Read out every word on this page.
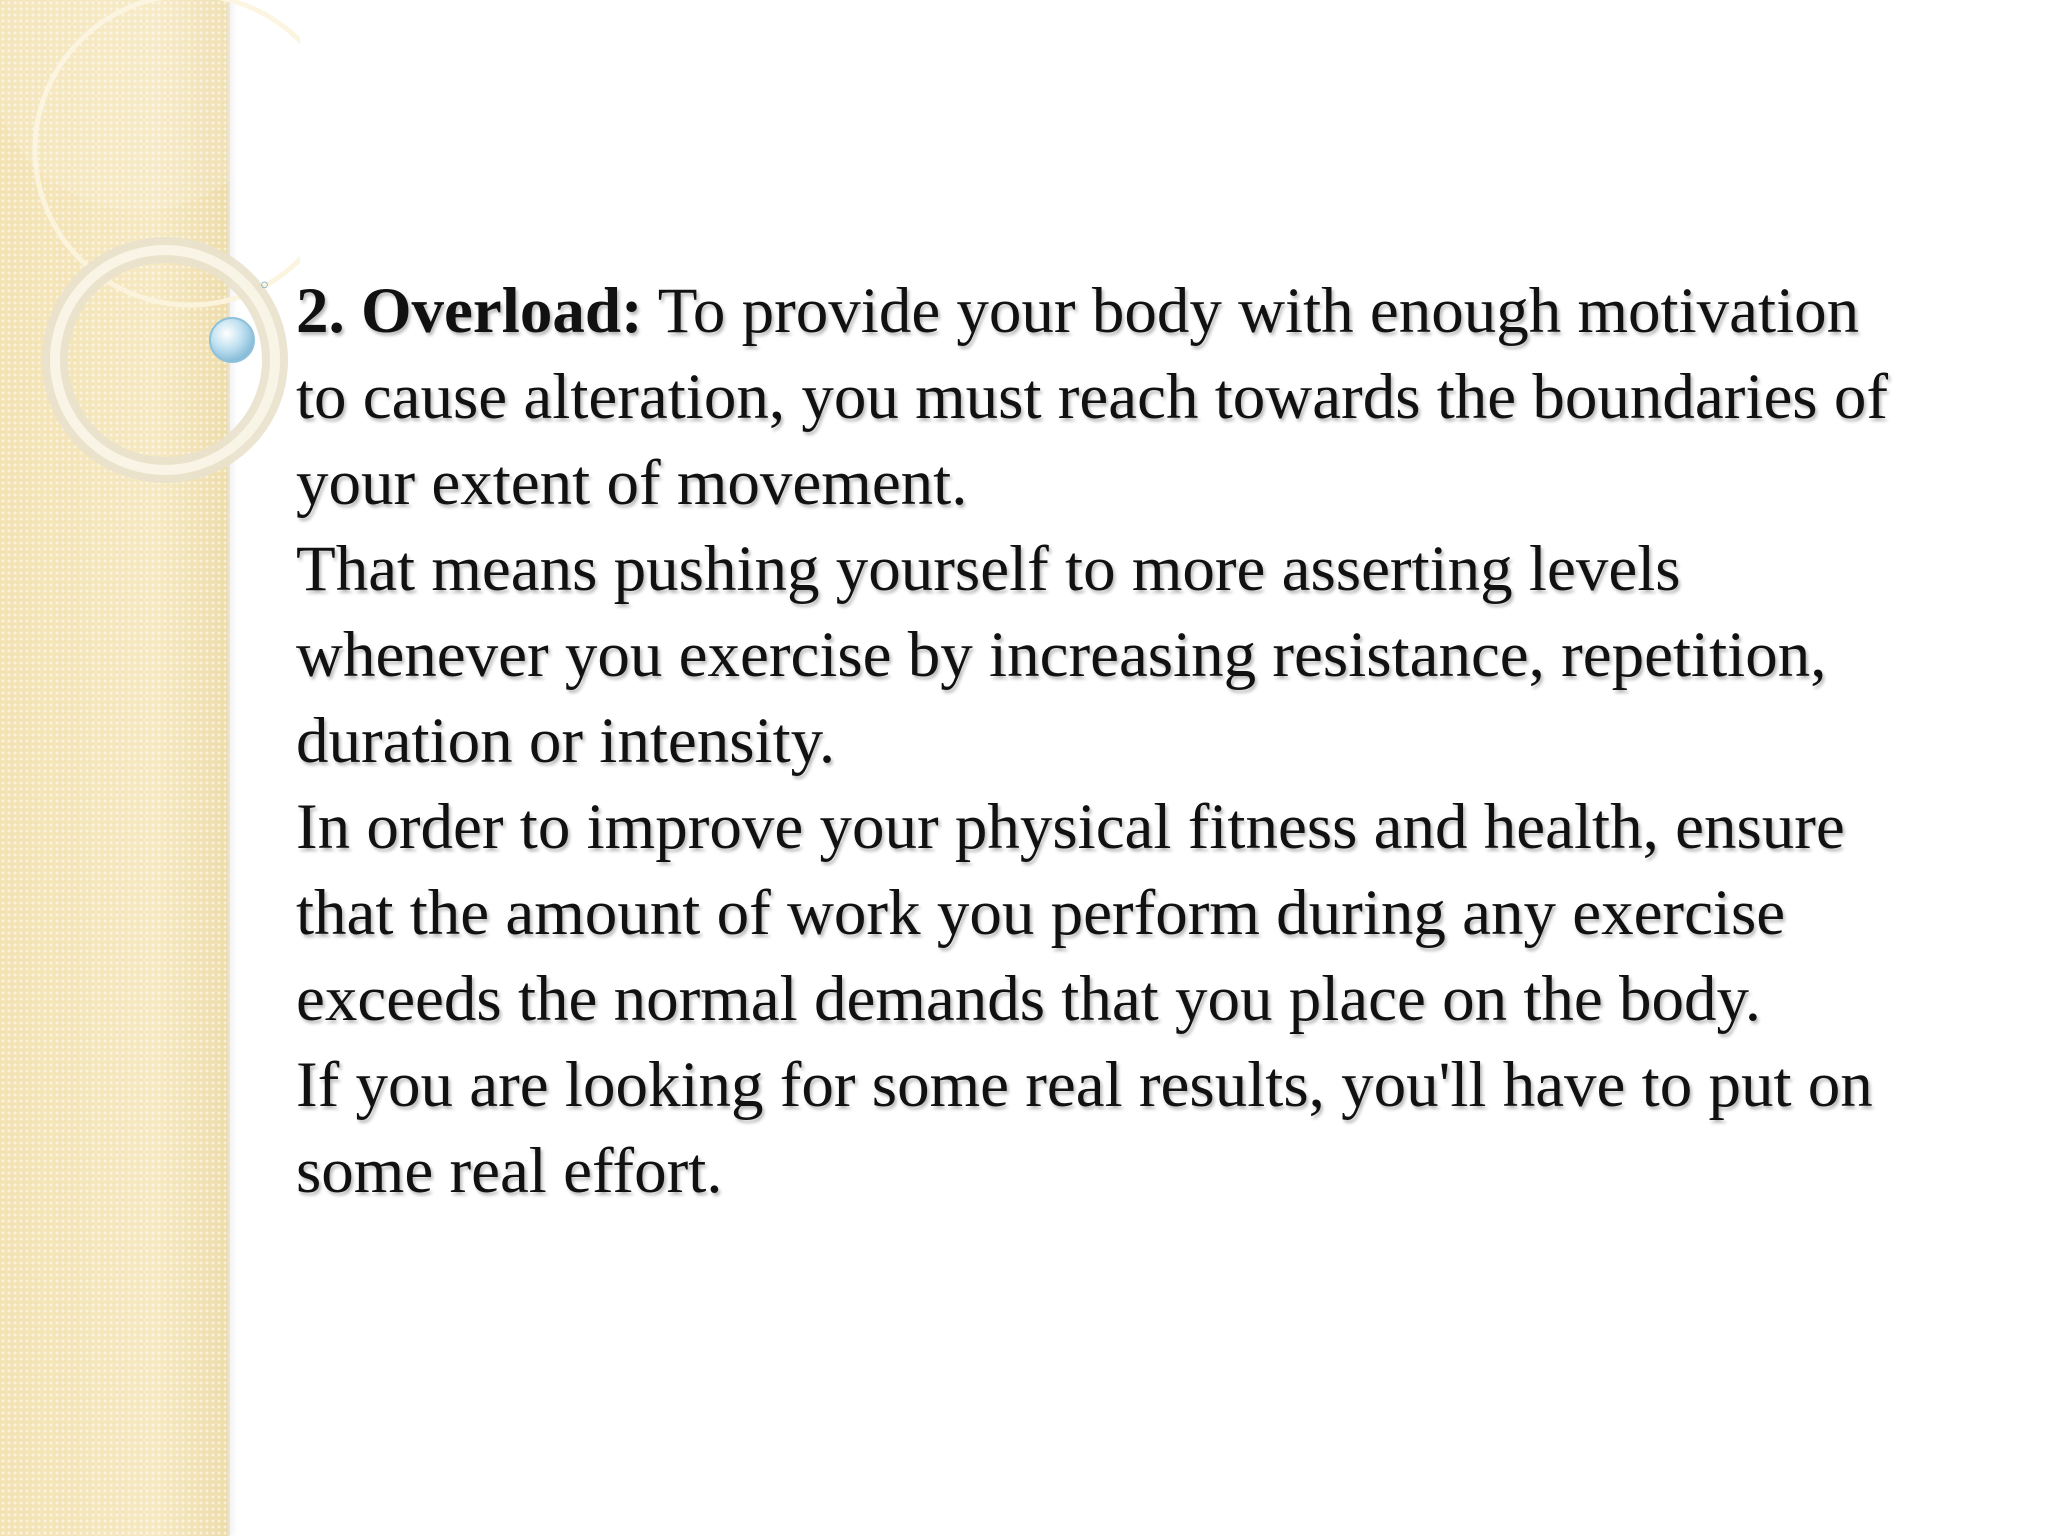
◦ 2. Overload: To provide your body with enough motivation to cause alteration, you must reach towards the boundaries of your extent of movement.
That means pushing yourself to more asserting levels whenever you exercise by increasing resistance, repetition, duration or intensity.
In order to improve your physical fitness and health, ensure that the amount of work you perform during any exercise exceeds the normal demands that you place on the body.
If you are looking for some real results, you'll have to put on some real effort.
